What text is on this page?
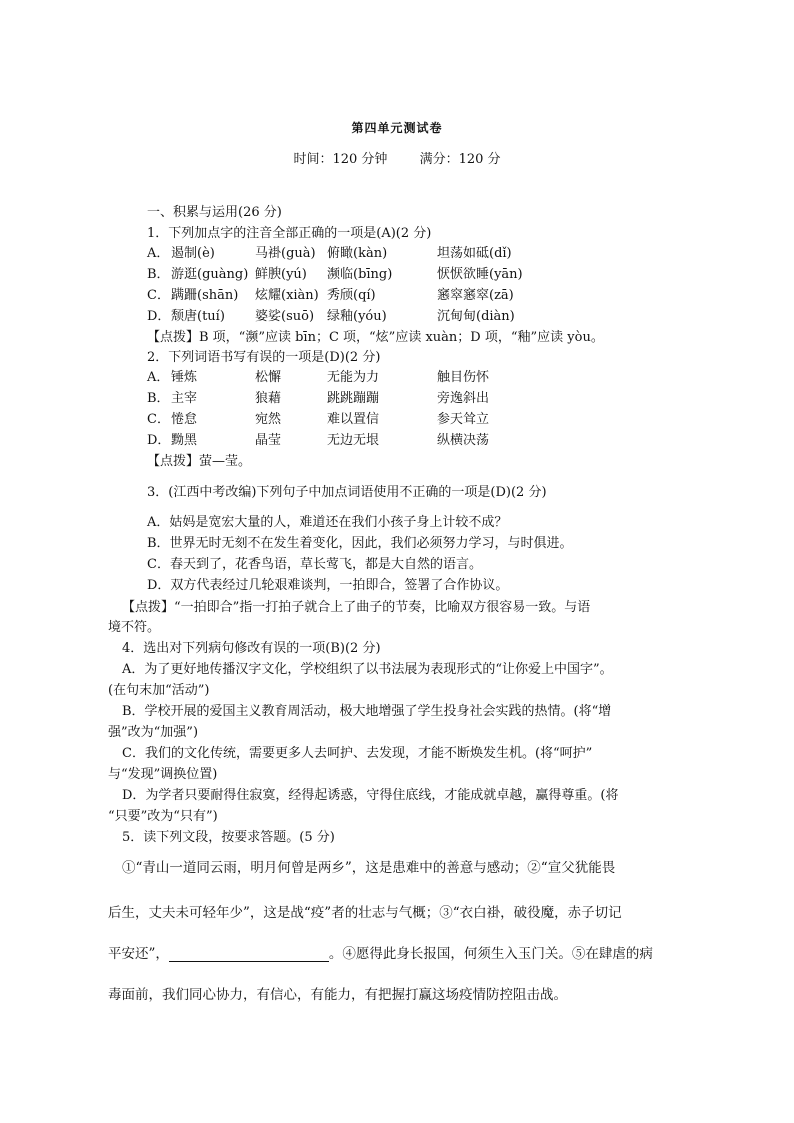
第四单元测试卷
时间：120 分钟 满分：120 分
一、积累与运用(26 分)
1．下列加点字的注音全部正确的一项是(A)(2 分)
A． 遏制(è)	马褂(guà) 俯瞰(kàn)	坦荡如砥(dǐ)
B．游逛(guàng) 鲜腴(yú) 濒临(bīng)	恹恹欲睡(yān)
C．蹒跚(shān) 炫耀(xiàn) 秀颀(qí)	窸窣窸窣(zā)
D．颓唐(tuí) 婆娑(suō) 绿釉(yóu)	沉甸甸(diàn)
【点拨】B 项，“濒”应读 bīn；C 项，“炫”应读 xuàn；D 项，“釉”应读 yòu。
2．下列词语书写有误的一项是(D)(2 分)
A． 锤炼	松懈	无能为力	触目伤怀
B．主宰	狼藉	跳跳蹦蹦	旁逸斜出
C．惓怠	宛然	难以置信	参天耸立
D．黝黑	晶莹	无边无垠	纵横决荡
【点拨】萤—莹。
3．(江西中考改编)下列句子中加点词语使用不正确的一项是(D)(2 分)
A．姑妈是宽宏大量的人，难道还在我们小孩子身上计较不成？
B．世界无时无刻不在发生着变化，因此，我们必须努力学习，与时俱进。
C．春天到了，花香鸟语，草长莺飞，都是大自然的语言。
D．双方代表经过几轮艰难谈判，一拍即合，签署了合作协议。
【点拨】“一拍即合”指一打拍子就合上了曲子的节奏，比喻双方很容易一致。与语
境不符。
4．选出对下列病句修改有误的一项(B)(2 分)
A．为了更好地传播汉字文化，学校组织了以书法展为表现形式的“让你爱上中国字”。
(在句末加“活动”)
B．学校开展的爱国主义教育周活动，极大地增强了学生投身社会实践的热情。(将“增
强”改为“加强”)
C．我们的文化传统，需要更多人去呵护、去发现，才能不断焕发生机。(将“呵护”
与“发现”调换位置)
D．为学者只要耐得住寂寞，经得起诱惑，守得住底线，才能成就卓越，赢得尊重。(将
“只要”改为“只有”)
5．读下列文段，按要求答题。(5 分)
①“青山一道同云雨，明月何曾是两乡”，这是患难中的善意与感动；②“宣父犹能畏
后生，丈夫未可轻年少”，这是战“疫”者的壮志与气概；③“衣白褂，破役魔，赤子切记
平安还”，	。④愿得此身长报国，何须生入玉门关。⑤在肆虐的病
毒面前，我们同心协力，有信心，有能力，有把握打赢这场疫情防控阻击战。
